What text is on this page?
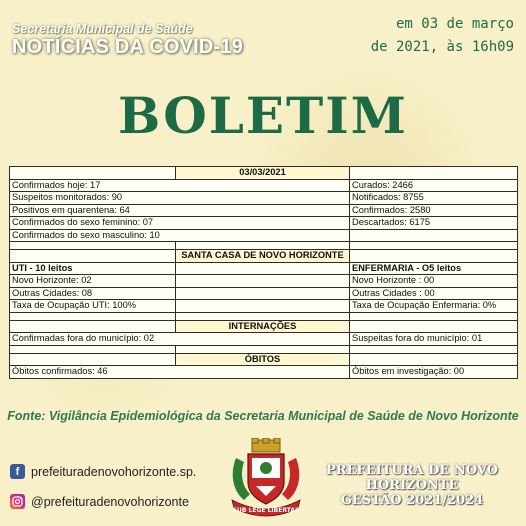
Secretaria Municipal de Saúde
NOTÍCIAS DA COVID-19
em 03 de março
de 2021, às 16h09
BOLETIM
	03/03/2021	
Confirmados hoje: 17		Curados: 2466
Suspeitos monitorados: 90		Notificados: 8755
Positivos em quarentena: 64		Confirmados: 2580
Confirmados do sexo feminino: 07		Descartados: 6175
Confirmados do sexo masculino: 10		

	SANTA CASA DE NOVO HORIZONTE	
UTI - 10 leitos		ENFERMARIA - O5 leitos
Novo Horizonte: 02		Novo Horizonte : 00
Outras Cidades: 08		Outras Cidades : 00
Taxa de Ocupação UTI: 100%		Taxa de Ocupação Enfermaria: 0%

	INTERNAÇÕES	
Confirmadas fora do município: 02		Suspeitas fora do município: 01

	ÓBITOS	
Óbitos confirmados: 46		Óbitos em investigação: 00
Fonte: Vigilância Epidemiológica da Secretaria Municipal de Saúde de Novo Horizonte
f prefeituradenovohorizonte.sp.
@prefeituradenovohorizonte
SUB LEGE LIBERTAS
PREFEITURA DE NOVO HORIZONTE
GESTÃO 2021/2024
